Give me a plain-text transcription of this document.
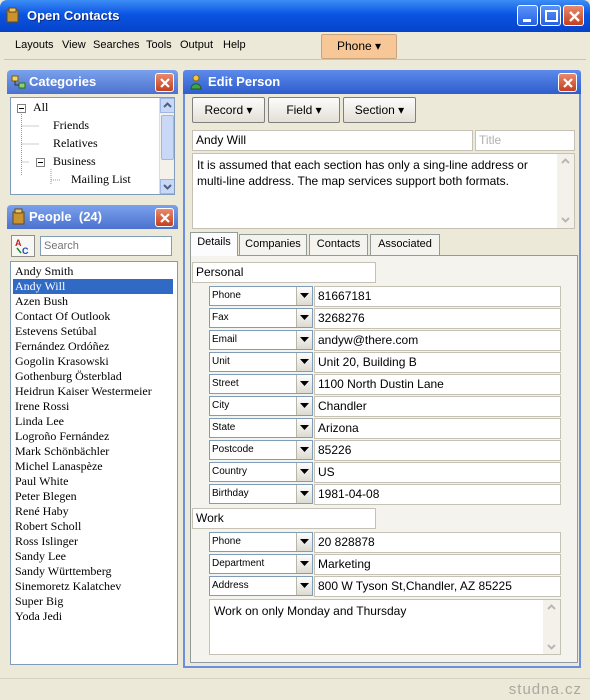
Open Contacts
Layouts View Searches Tools Output Help	Phone ▾
Categories
All
Friends
Relatives
Business
Mailing List
People (24)
A
C
Search
Andy Smith
Andy Will
Azen Bush
Contact Of Outlook
Estevens Setúbal
Fernández Ordóñez
Gogolin Krasowski
Gothenburg Österblad
Heidrun Kaiser Westermeier
Irene Rossi
Linda Lee
Logroño Fernández
Mark Schönbächler
Michel Lanaspèze
Paul White
Peter Blegen
René Haby
Robert Scholl
Ross Islinger
Sandy Lee
Sandy Württemberg
Sinemoretz Kalatchev
Super Big
Yoda Jedi
Edit Person
Record ▾	Field ▾	Section ▾
Andy Will	Title
It is assumed that each section has only a sing-line address or multi-line address. The map services support both formats.
Details	Companies	Contacts	Associated
Personal
Phone	81667181
Fax	3268276
Email	andyw@there.com
Unit	Unit 20, Building B
Street	1100 North Dustin Lane
City	Chandler
State	Arizona
Postcode	85226
Country	US
Birthday	1981-04-08
Work
Phone	20 828878
Department	Marketing
Address	800 W Tyson St,Chandler, AZ 85225
Work on only Monday and Thursday
studna.cz
